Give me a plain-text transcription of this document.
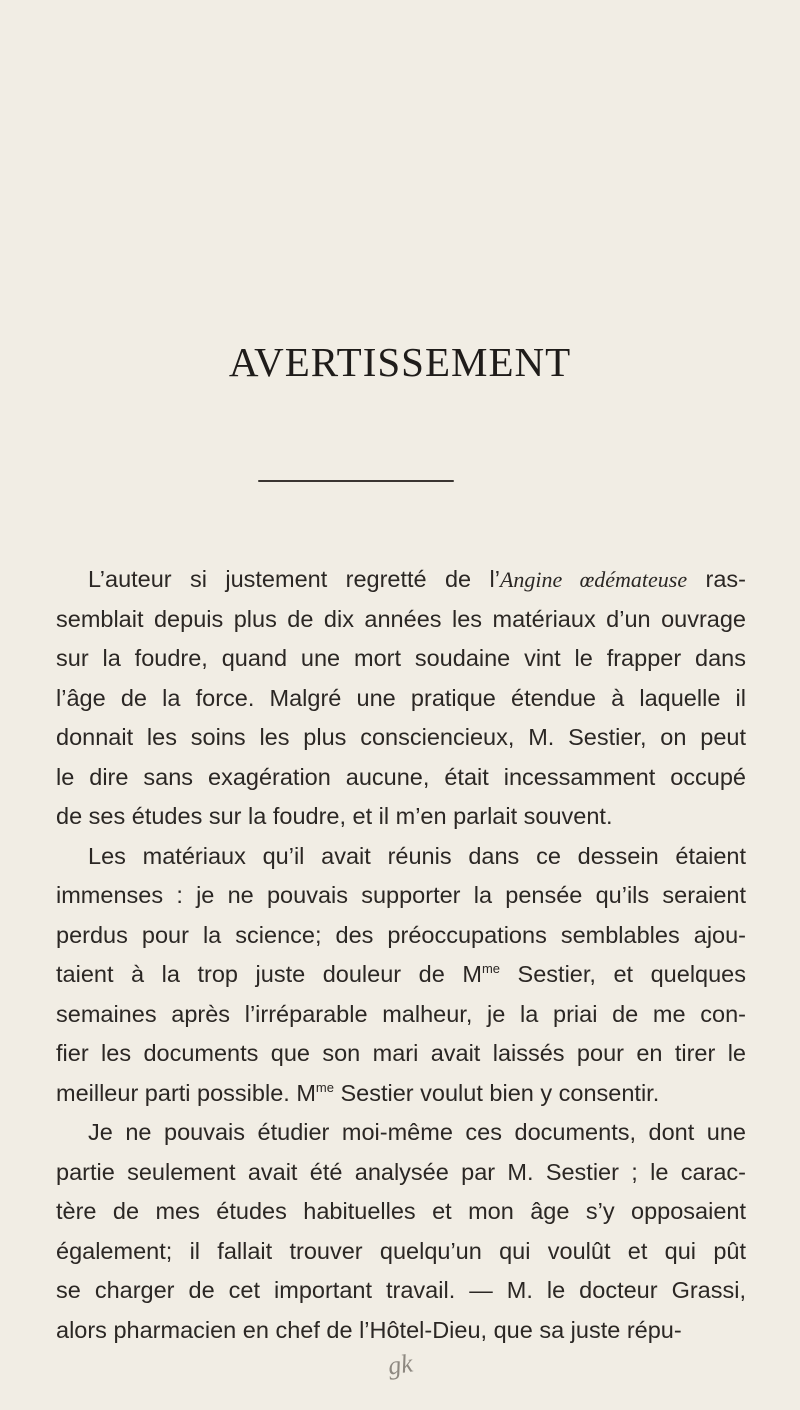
AVERTISSEMENT
L’auteur si justement regretté de l’Angine œdémateuse ras-
semblait depuis plus de dix années les matériaux d’un ouvrage
sur la foudre, quand une mort soudaine vint le frapper dans
l’âge de la force. Malgré une pratique étendue à laquelle il
donnait les soins les plus consciencieux, M. Sestier, on peut
le dire sans exagération aucune, était incessamment occupé
de ses études sur la foudre, et il m’en parlait souvent.
Les matériaux qu’il avait réunis dans ce dessein étaient
immenses : je ne pouvais supporter la pensée qu’ils seraient
perdus pour la science; des préoccupations semblables ajou-
taient à la trop juste douleur de $M^{me}$ Sestier, et quelques
semaines après l’irréparable malheur, je la priai de me con-
fier les documents que son mari avait laissés pour en tirer le
meilleur parti possible. $M^{me}$ Sestier voulut bien y consentir.
Je ne pouvais étudier moi-même ces documents, dont une
partie seulement avait été analysée par M. Sestier ; le carac-
tère de mes études habituelles et mon âge s’y opposaient
également; il fallait trouver quelqu’un qui voulût et qui pût
se charger de cet important travail. — M. le docteur Grassi,
alors pharmacien en chef de l’Hôtel-Dieu, que sa juste répu-
gk
